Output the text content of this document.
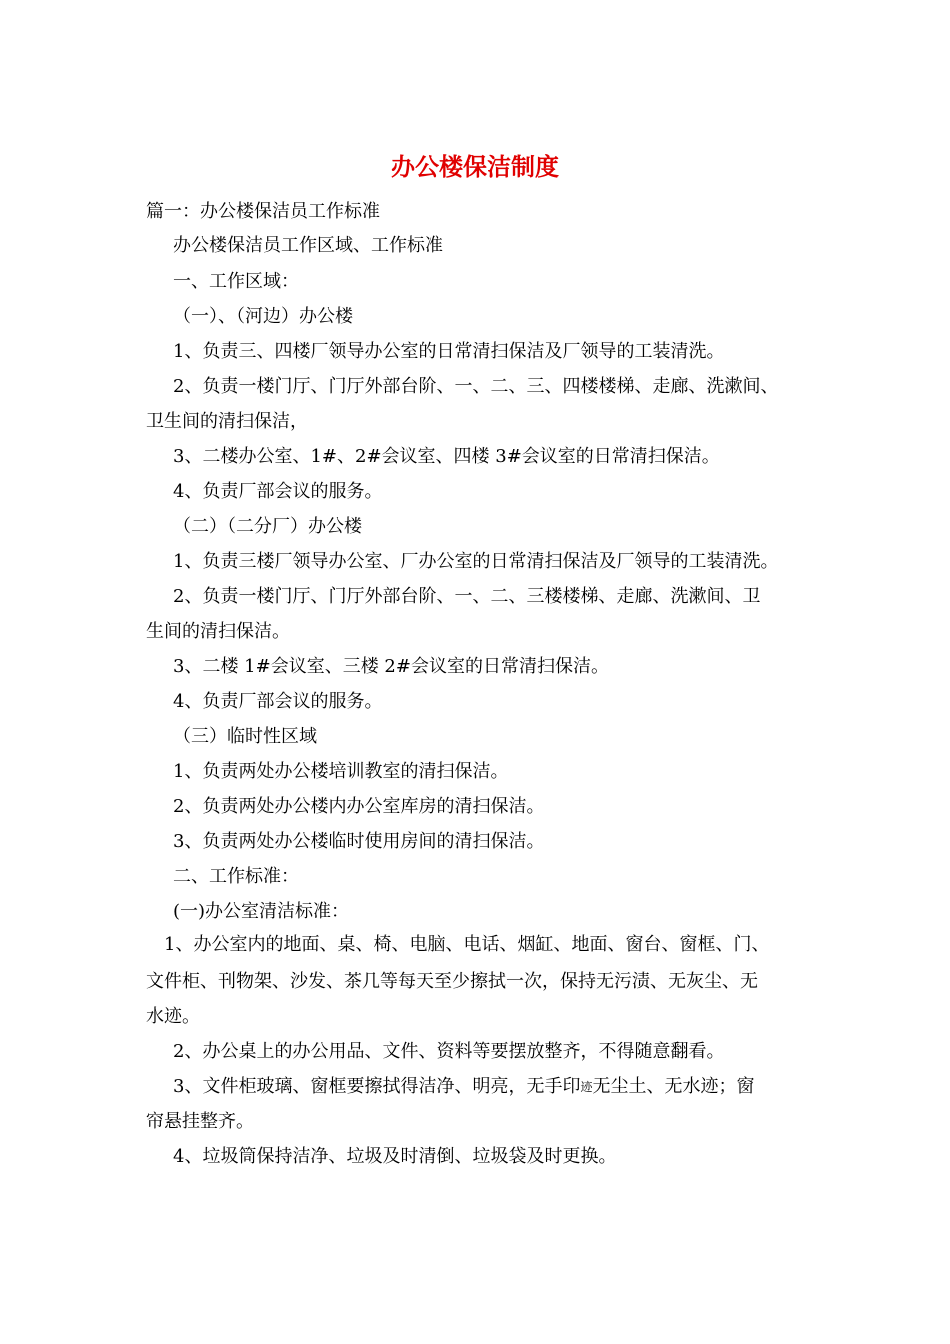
办公楼保洁制度
篇一：办公楼保洁员工作标准
办公楼保洁员工作区域、工作标准
一、工作区域：
（一）、（河边）办公楼
1、负责三、四楼厂领导办公室的日常清扫保洁及厂领导的工装清洗。
2、负责一楼门厅、门厅外部台阶、一、二、三、四楼楼梯、走廊、洗漱间、
卫生间的清扫保洁，
3、二楼办公室、1#、2#会议室、四楼 3#会议室的日常清扫保洁。
4、负责厂部会议的服务。
（二）（二分厂）办公楼
1、负责三楼厂领导办公室、厂办公室的日常清扫保洁及厂领导的工装清洗。
2、负责一楼门厅、门厅外部台阶、一、二、三楼楼梯、走廊、洗漱间、卫
生间的清扫保洁。
3、二楼 1#会议室、三楼 2#会议室的日常清扫保洁。
4、负责厂部会议的服务。
（三）临时性区域
1、负责两处办公楼培训教室的清扫保洁。
2、负责两处办公楼内办公室库房的清扫保洁。
3、负责两处办公楼临时使用房间的清扫保洁。
二、工作标准：
(一)办公室清洁标准：
1、办公室内的地面、桌、椅、电脑、电话、烟缸、地面、窗台、窗框、门、
文件柜、刊物架、沙发、茶几等每天至少擦拭一次，保持无污渍、无灰尘、无
水迹。
2、办公桌上的办公用品、文件、资料等要摆放整齐，不得随意翻看。
3、文件柜玻璃、窗框要擦拭得洁净、明亮，无手印$^迹$无尘土、无水迹；窗
帘悬挂整齐。
4、垃圾筒保持洁净、垃圾及时清倒、垃圾袋及时更换。
